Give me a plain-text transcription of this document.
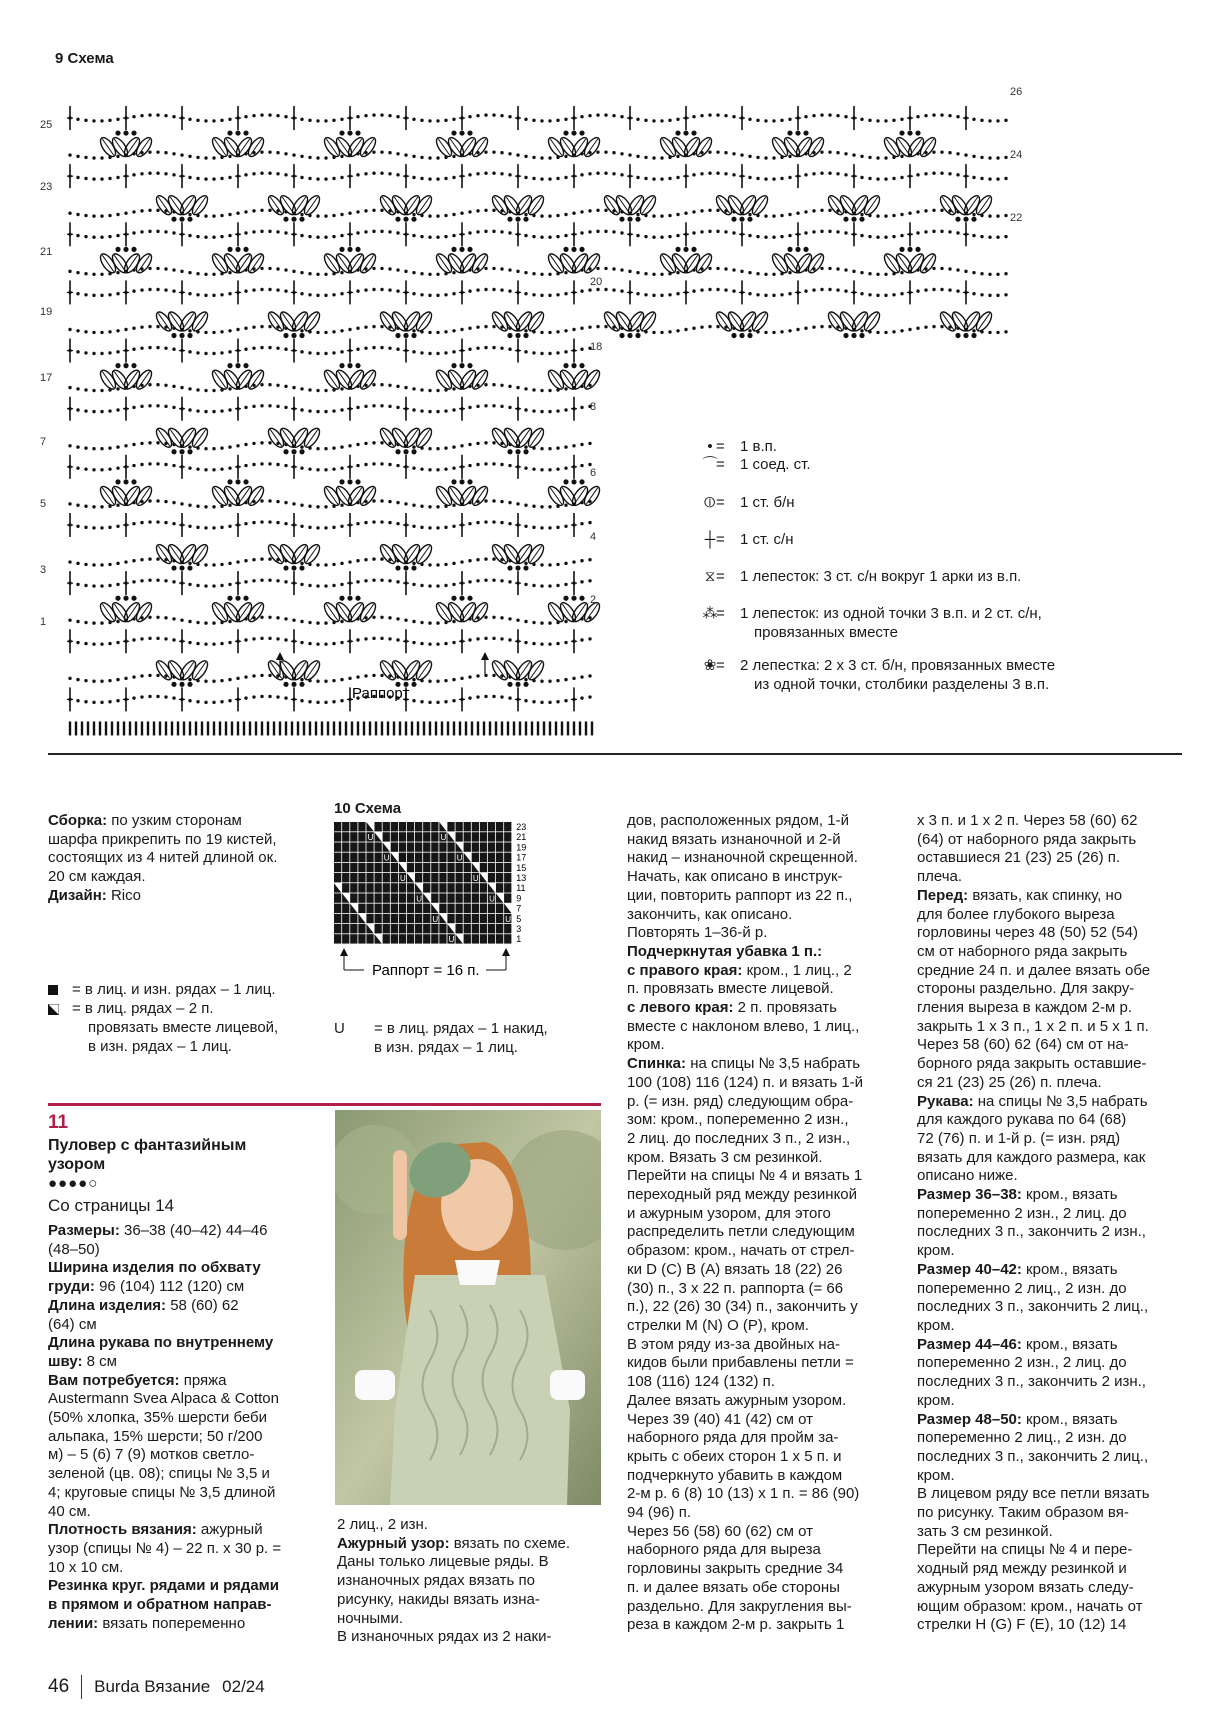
9 Схема
Раппорт
25
23
21
19
17
7
5
3
1
26
24
22
20
18
8
6
4
2
• = 1 в.п.
⌒
= 1 соед. ст.
⦶ = 1 ст. б/н
┼ = 1 ст. с/н
⧖ = 1 лепесток: 3 ст. с/н вокруг 1 арки из в.п.
⁂
= 1 лепесток: из одной точки 3 в.п. и 2 ст. с/н,
провязанных вместе
❀ = 2 лепестка: 2 х 3 ст. б/н, провязанных вместе
из одной точки, столбики разделены 3 в.п.
Сборка: по узким сторонам
шарфа прикрепить по 19 кистей,
состоящих из 4 нитей длиной ок.
20 см каждая.
Дизайн: Rico
= в лиц. и изн. рядах – 1 лиц.
= в лиц. рядах – 2 п.
провязать вместе лицевой,
в изн. рядах – 1 лиц.
10 Схема
U	U
U	U
U	U
U	U
U	U
U
23
21
19
17
15
13
11
9
7
5
3
1
Раппорт = 16 п.
U = в лиц. рядах – 1 накид,
в изн. рядах – 1 лиц.
11
Пуловер с фантазийным
узором
●●●●○
Со страницы 14
Размеры: 36–38 (40–42) 44–46
(48–50)
Ширина изделия по обхвату
груди: 96 (104) 112 (120) см
Длина изделия: 58 (60) 62
(64) см
Длина рукава по внутреннему
шву: 8 см
Вам потребуется: пряжа
Austermann Svea Alpaca & Cotton
(50% хлопка, 35% шерсти беби
альпака, 15% шерсти; 50 г/200
м) – 5 (6) 7 (9) мотков светло-
зеленой (цв. 08); спицы № 3,5 и
4; круговые спицы № 3,5 длиной
40 см.
Плотность вязания: ажурный
узор (спицы № 4) – 22 п. х 30 р. =
10 х 10 см.
Резинка круг. рядами и рядами
в прямом и обратном направ-
лении: вязать попеременно
2 лиц., 2 изн.
Ажурный узор: вязать по схеме.
Даны только лицевые ряды. В
изнаночных рядах вязать по
рисунку, накиды вязать изна-
ночными.
В изнаночных рядах из 2 наки-
дов, расположенных рядом, 1-й
накид вязать изнаночной и 2-й
накид – изнаночной скрещенной.
Начать, как описано в инструк-
ции, повторить раппорт из 22 п.,
закончить, как описано.
Повторять 1–36-й р.
Подчеркнутая убавка 1 п.:
с правого края: кром., 1 лиц., 2
п. провязать вместе лицевой.
с левого края: 2 п. провязать
вместе с наклоном влево, 1 лиц.,
кром.
Спинка: на спицы № 3,5 набрать
100 (108) 116 (124) п. и вязать 1-й
р. (= изн. ряд) следующим обра-
зом: кром., попеременно 2 изн.,
2 лиц. до последних 3 п., 2 изн.,
кром. Вязать 3 см резинкой.
Перейти на спицы № 4 и вязать 1
переходный ряд между резинкой
и ажурным узором, для этого
распределить петли следующим
образом: кром., начать от стрел-
ки D (C) B (A) вязать 18 (22) 26
(30) п., 3 х 22 п. раппорта (= 66
п.), 22 (26) 30 (34) п., закончить у
стрелки M (N) O (P), кром.
В этом ряду из-за двойных на-
кидов были прибавлены петли =
108 (116) 124 (132) п.
Далее вязать ажурным узором.
Через 39 (40) 41 (42) см от
наборного ряда для пройм за-
крыть с обеих сторон 1 х 5 п. и
подчеркнуто убавить в каждом
2-м р. 6 (8) 10 (13) х 1 п. = 86 (90)
94 (96) п.
Через 56 (58) 60 (62) см от
наборного ряда для выреза
горловины закрыть средние 34
п. и далее вязать обе стороны
раздельно. Для закругления вы-
реза в каждом 2-м р. закрыть 1
х 3 п. и 1 х 2 п. Через 58 (60) 62
(64) от наборного ряда закрыть
оставшиеся 21 (23) 25 (26) п.
плеча.
Перед: вязать, как спинку, но
для более глубокого выреза
горловины через 48 (50) 52 (54)
см от наборного ряда закрыть
средние 24 п. и далее вязать обе
стороны раздельно. Для закру-
гления выреза в каждом 2-м р.
закрыть 1 х 3 п., 1 х 2 п. и 5 х 1 п.
Через 58 (60) 62 (64) см от на-
борного ряда закрыть оставшие-
ся 21 (23) 25 (26) п. плеча.
Рукава: на спицы № 3,5 набрать
для каждого рукава по 64 (68)
72 (76) п. и 1-й р. (= изн. ряд)
вязать для каждого размера, как
описано ниже.
Размер 36–38: кром., вязать
попеременно 2 изн., 2 лиц. до
последних 3 п., закончить 2 изн.,
кром.
Размер 40–42: кром., вязать
попеременно 2 лиц., 2 изн. до
последних 3 п., закончить 2 лиц.,
кром.
Размер 44–46: кром., вязать
попеременно 2 изн., 2 лиц. до
последних 3 п., закончить 2 изн.,
кром.
Размер 48–50: кром., вязать
попеременно 2 лиц., 2 изн. до
последних 3 п., закончить 2 лиц.,
кром.
В лицевом ряду все петли вязать
по рисунку. Таким образом вя-
зать 3 см резинкой.
Перейти на спицы № 4 и пере-
ходный ряд между резинкой и
ажурным узором вязать следу-
ющим образом: кром., начать от
стрелки H (G) F (E), 10 (12) 14
46 Burda Вязание 02/24
